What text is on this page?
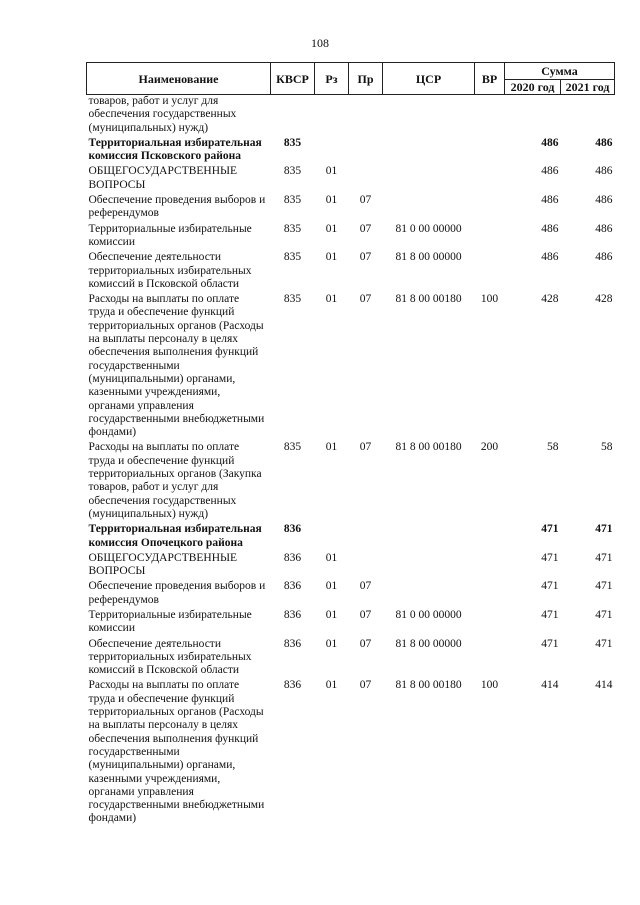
108
Наименование	КВСР	Рз	Пр	ЦСР	ВР	Сумма	
						2020 год	2021 год
товаров, работ и услуг для обеспечения государственных (муниципальных) нужд)							
Территориальная избирательная комиссия Псковского района	835					486	486
ОБЩЕГОСУДАРСТВЕННЫЕ ВОПРОСЫ	835	01				486	486
Обеспечение проведения выборов и референдумов	835	01	07			486	486
Территориальные избирательные комиссии	835	01	07	81 0 00 00000		486	486
Обеспечение деятельности территориальных избирательных комиссий в Псковской области	835	01	07	81 8 00 00000		486	486
Расходы на выплаты по оплате труда и обеспечение функций территориальных органов (Расходы на выплаты персоналу в целях обеспечения выполнения функций государственными (муниципальными) органами, казенными учреждениями, органами управления государственными внебюджетными фондами)	835	01	07	81 8 00 00180	100	428	428
Расходы на выплаты по оплате труда и обеспечение функций территориальных органов (Закупка товаров, работ и услуг для обеспечения государственных (муниципальных) нужд)	835	01	07	81 8 00 00180	200	58	58
Территориальная избирательная комиссия Опочецкого района	836					471	471
ОБЩЕГОСУДАРСТВЕННЫЕ ВОПРОСЫ	836	01				471	471
Обеспечение проведения выборов и референдумов	836	01	07			471	471
Территориальные избирательные комиссии	836	01	07	81 0 00 00000		471	471
Обеспечение деятельности территориальных избирательных комиссий в Псковской области	836	01	07	81 8 00 00000		471	471
Расходы на выплаты по оплате труда и обеспечение функций территориальных органов (Расходы на выплаты персоналу в целях обеспечения выполнения функций государственными (муниципальными) органами, казенными учреждениями, органами управления государственными внебюджетными фондами)	836	01	07	81 8 00 00180	100	414	414
